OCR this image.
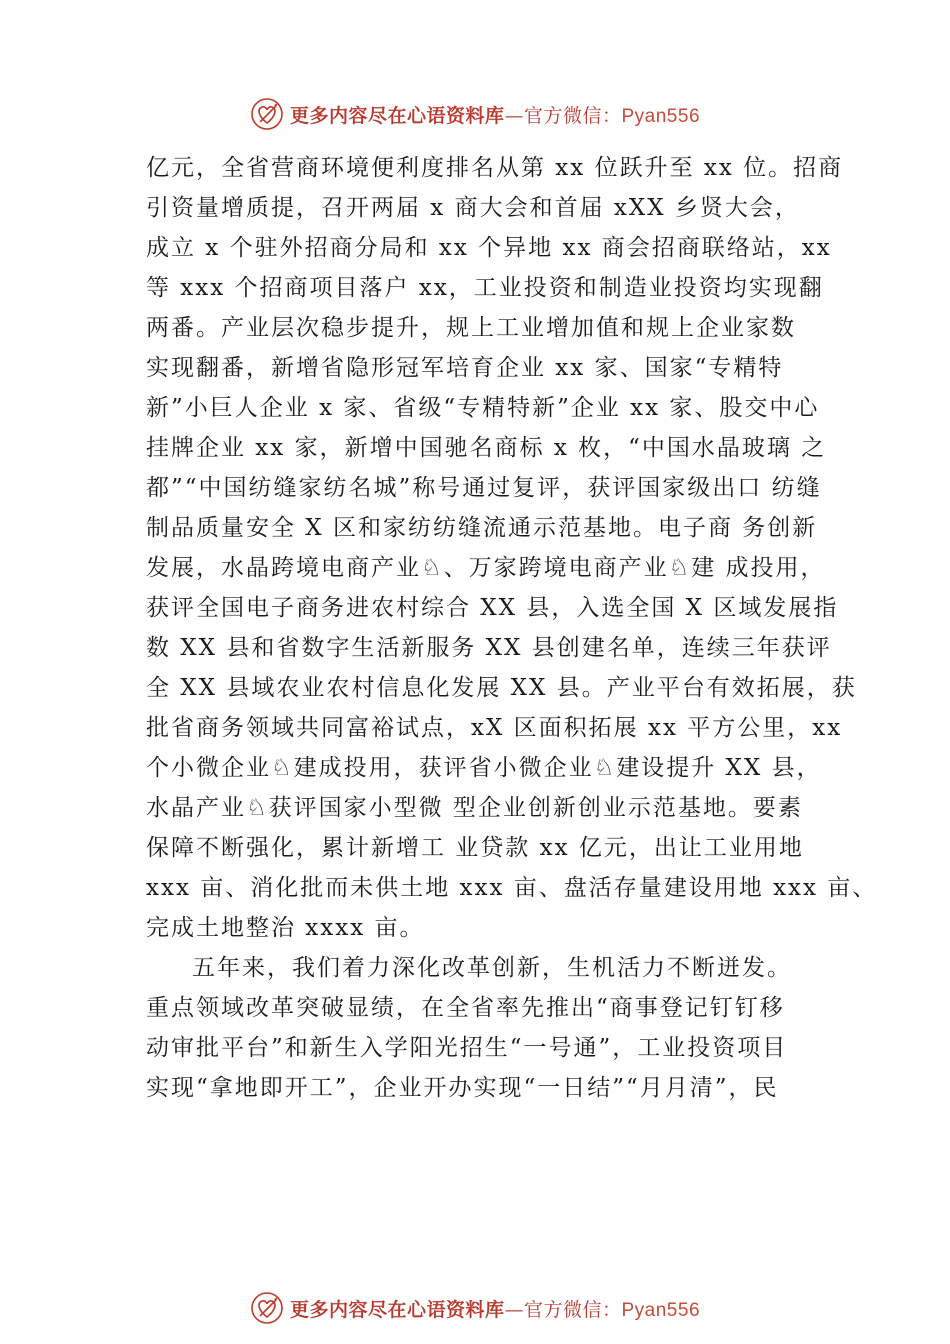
更多内容尽在心语资料库—官方微信：Pyan556
亿元，全省营商环境便利度排名从第 xx 位跃升至 xx 位。招商
引资量增质提，召开两届 x 商大会和首届 xXX 乡贤大会，
成立 x 个驻外招商分局和 xx 个异地 xx 商会招商联络站，xx
等 xxx 个招商项目落户 xx，工业投资和制造业投资均实现翻
两番。产业层次稳步提升，规上工业增加值和规上企业家数
实现翻番，新增省隐形冠军培育企业 xx 家、国家“专精特
新”小巨人企业 x 家、省级“专精特新”企业 xx 家、股交中心
挂牌企业 xx 家，新增中国驰名商标 x 枚，“中国水晶玻璃 之
都”“中国纺缝家纺名城”称号通过复评，获评国家级出口 纺缝
制品质量安全 X 区和家纺纺缝流通示范基地。电子商 务创新
发展，水晶跨境电商产业♘、万家跨境电商产业♘建 成投用，
获评全国电子商务进农村综合 XX 县，入选全国 X 区域发展指
数 XX 县和省数字生活新服务 XX 县创建名单，连续三年获评
全 XX 县域农业农村信息化发展 XX 县。产业平台有效拓展，获
批省商务领域共同富裕试点，xX 区面积拓展 xx 平方公里，xx
个小微企业♘建成投用，获评省小微企业♘建设提升 XX 县，
水晶产业♘获评国家小型微 型企业创新创业示范基地。要素
保障不断强化，累计新增工 业贷款 xx 亿元，出让工业用地
xxx 亩、消化批而未供土地 xxx 亩、盘活存量建设用地 xxx 亩、
完成土地整治 xxxx 亩。
五年来，我们着力深化改革创新，生机活力不断迸发。
重点领域改革突破显绩，在全省率先推出“商事登记钉钉移
动审批平台”和新生入学阳光招生“一号通”，工业投资项目
实现“拿地即开工”，企业开办实现“一日结”“月月清”，民
更多内容尽在心语资料库—官方微信：Pyan556
